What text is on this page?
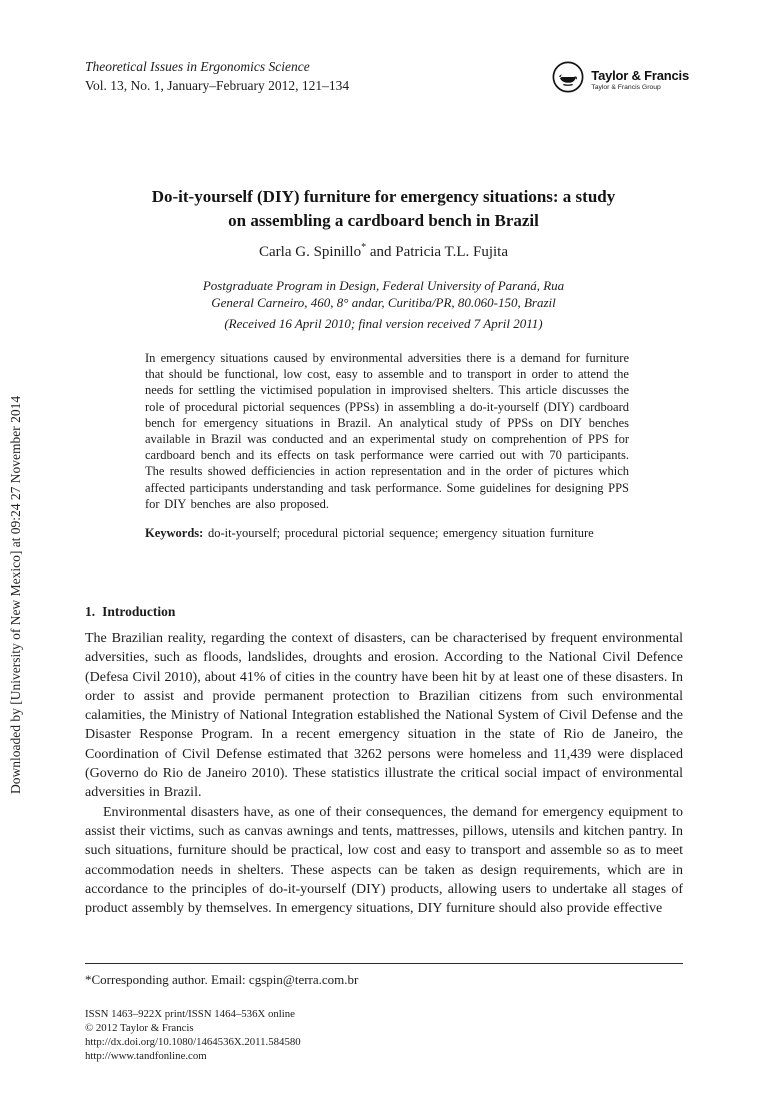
Downloaded by [University of New Mexico] at 09:24 27 November 2014
Theoretical Issues in Ergonomics Science
Vol. 13, No. 1, January–February 2012, 121–134
Taylor & Francis
Taylor & Francis Group
Do-it-yourself (DIY) furniture for emergency situations: a study
on assembling a cardboard bench in Brazil
Carla G. Spinillo* and Patricia T.L. Fujita
Postgraduate Program in Design, Federal University of Paraná, Rua
General Carneiro, 460, 8° andar, Curitiba/PR, 80.060-150, Brazil
(Received 16 April 2010; final version received 7 April 2011)
In emergency situations caused by environmental adversities there is a demand for furniture that should be functional, low cost, easy to assemble and to transport in order to attend the needs for settling the victimised population in improvised shelters. This article discusses the role of procedural pictorial sequences (PPSs) in assembling a do-it-yourself (DIY) cardboard bench for emergency situations in Brazil. An analytical study of PPSs on DIY benches available in Brazil was conducted and an experimental study on comprehention of PPS for cardboard bench and its effects on task performance were carried out with 70 participants. The results showed defficiencies in action representation and in the order of pictures which affected participants understanding and task performance. Some guidelines for designing PPS for DIY benches are also proposed.
Keywords: do-it-yourself; procedural pictorial sequence; emergency situation furniture
1. Introduction

The Brazilian reality, regarding the context of disasters, can be characterised by frequent environmental adversities, such as floods, landslides, droughts and erosion. According to the National Civil Defence (Defesa Civil 2010), about 41% of cities in the country have been hit by at least one of these disasters. In order to assist and provide permanent protection to Brazilian citizens from such environmental calamities, the Ministry of National Integration established the National System of Civil Defense and the Disaster Response Program. In a recent emergency situation in the state of Rio de Janeiro, the Coordination of Civil Defense estimated that 3262 persons were homeless and 11,439 were displaced (Governo do Rio de Janeiro 2010). These statistics illustrate the critical social impact of environmental adversities in Brazil.

Environmental disasters have, as one of their consequences, the demand for emergency equipment to assist their victims, such as canvas awnings and tents, mattresses, pillows, utensils and kitchen pantry. In such situations, furniture should be practical, low cost and easy to transport and assemble so as to meet accommodation needs in shelters. These aspects can be taken as design requirements, which are in accordance to the principles of do-it-yourself (DIY) products, allowing users to undertake all stages of product assembly by themselves. In emergency situations, DIY furniture should also provide effective

*Corresponding author. Email: cgspin@terra.com.br
ISSN 1463–922X print/ISSN 1464–536X online
© 2012 Taylor & Francis
http://dx.doi.org/10.1080/1464536X.2011.584580
http://www.tandfonline.com
